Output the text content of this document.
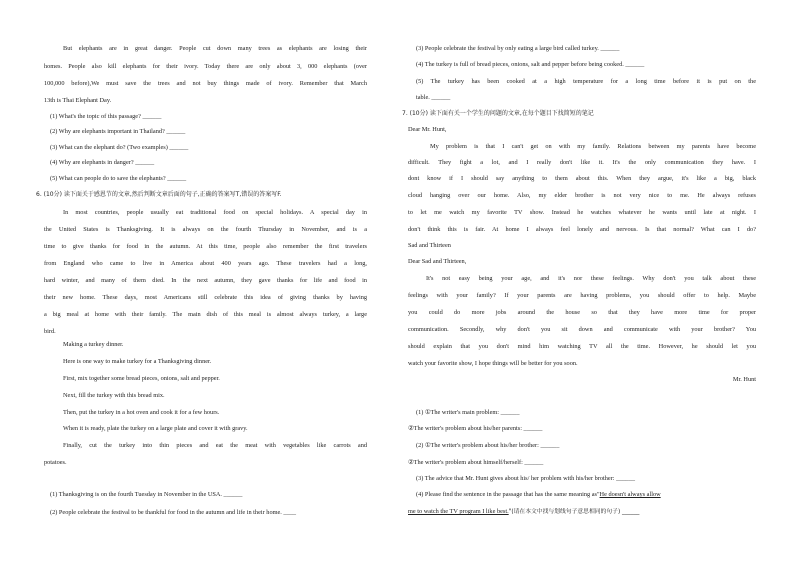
But elephants are in great danger. People cut down many trees as elephants are losing their
homes. People also kill elephants for their ivory. Today there are only about 3, 000 elephants (over
100,000 before),We must save the trees and not buy things made of ivory. Remember that March
13th is Thai Elephant Day.
(1) What's the topic of this passage? ______
(2) Why are elephants important in Thailand? ______
(3) What can the elephant do? (Two examples) ______
(4) Why are elephants in danger? ______
(5) What can people do to save the elephants? ______
6. (10分) 读下面关于感恩节的文章,然后判断文章后面的句子,正确的答案写T,错误的答案写F.
In most countries, people usually eat traditional food on special holidays. A special day in
the United States is Thanksgiving. It is always on the fourth Thursday in November, and is a
time to give thanks for food in the autumn. At this time, people also remember the first travelers
from England who came to live in America about 400 years ago. These travelers had a long,
hard winter, and many of them died. In the next autumn, they gave thanks for life and food in
their new home. These days, most Americans still celebrate this idea of giving thanks by having
a big meal at home with their family. The main dish of this meal is almost always turkey, a large
bird.
Making a turkey dinner.
Here is one way to make turkey for a Thanksgiving dinner.
First, mix together some bread pieces, onions, salt and pepper.
Next, fill the turkey with this bread mix.
Then, put the turkey in a hot oven and cook it for a few hours.
When it is ready, plate the turkey on a large plate and cover it with gravy.
Finally, cut the turkey into thin pieces and eat the meat with vegetables like carrots and
potatoes.
(1) Thanksgiving is on the fourth Tuesday in November in the USA. ______
(2) People celebrate the festival to be thankful for food in the autumn and life in their home. ____
(3) People celebrate the festival by only eating a large bird called turkey. ______
(4) The turkey is full of bread pieces, onions, salt and pepper before being cooked. ______
(5) The turkey has been cooked at a high temperature for a long time before it is put on the
table. ______
7. (10分) 读下面有关一个学生的问题的文章,在每个题目下找简短的笔记
Dear Mr. Hunt,
My problem is that I can't get on with my family. Relations between my parents have become
difficult. They fight a lot, and I really don't like it. It's the only communication they have. I
dont know if I should say anything to them about this. When they argue, it's like a big, black
cloud hanging over our home. Also, my elder brother is not very nice to me. He always refuses
to let me watch my favorite TV show. Instead he watches whatever he wants until late at night. I
don't think this is fair. At home I always feel lonely and nervous. Is that normal? What can I do?
Sad and Thirteen
Dear Sad and Thirteen,
It's not easy being your age, and it's nor these feelings. Why don't you talk about these
feelings with your family? If your parents are having problems, you should offer to help. Maybe
you could do more jobs around the house so that they have more time for proper
communication. Secondly, why don't you sit down and communicate with your brother? You
should explain that you don't mind him watching TV all the time. However, he should let you
watch your favorite show, I hope things will be better for you soon.
Mr. Hunt
(1) ①The writer's main problem: ______
②The writer's problem about his/her parents: ______
(2) ①The writer's problem about his/her brother: ______
②The writer's problem about himself/herself: ______
(3) The advice that Mr. Hunt gives about his/ her problem with his/her brother: ______
(4) Please find the sentence in the passage that has the same meaning as"He doesn't always allow
me to watch the TV program I like best."(请在本文中找与划线句子意思相同的句子) ______
